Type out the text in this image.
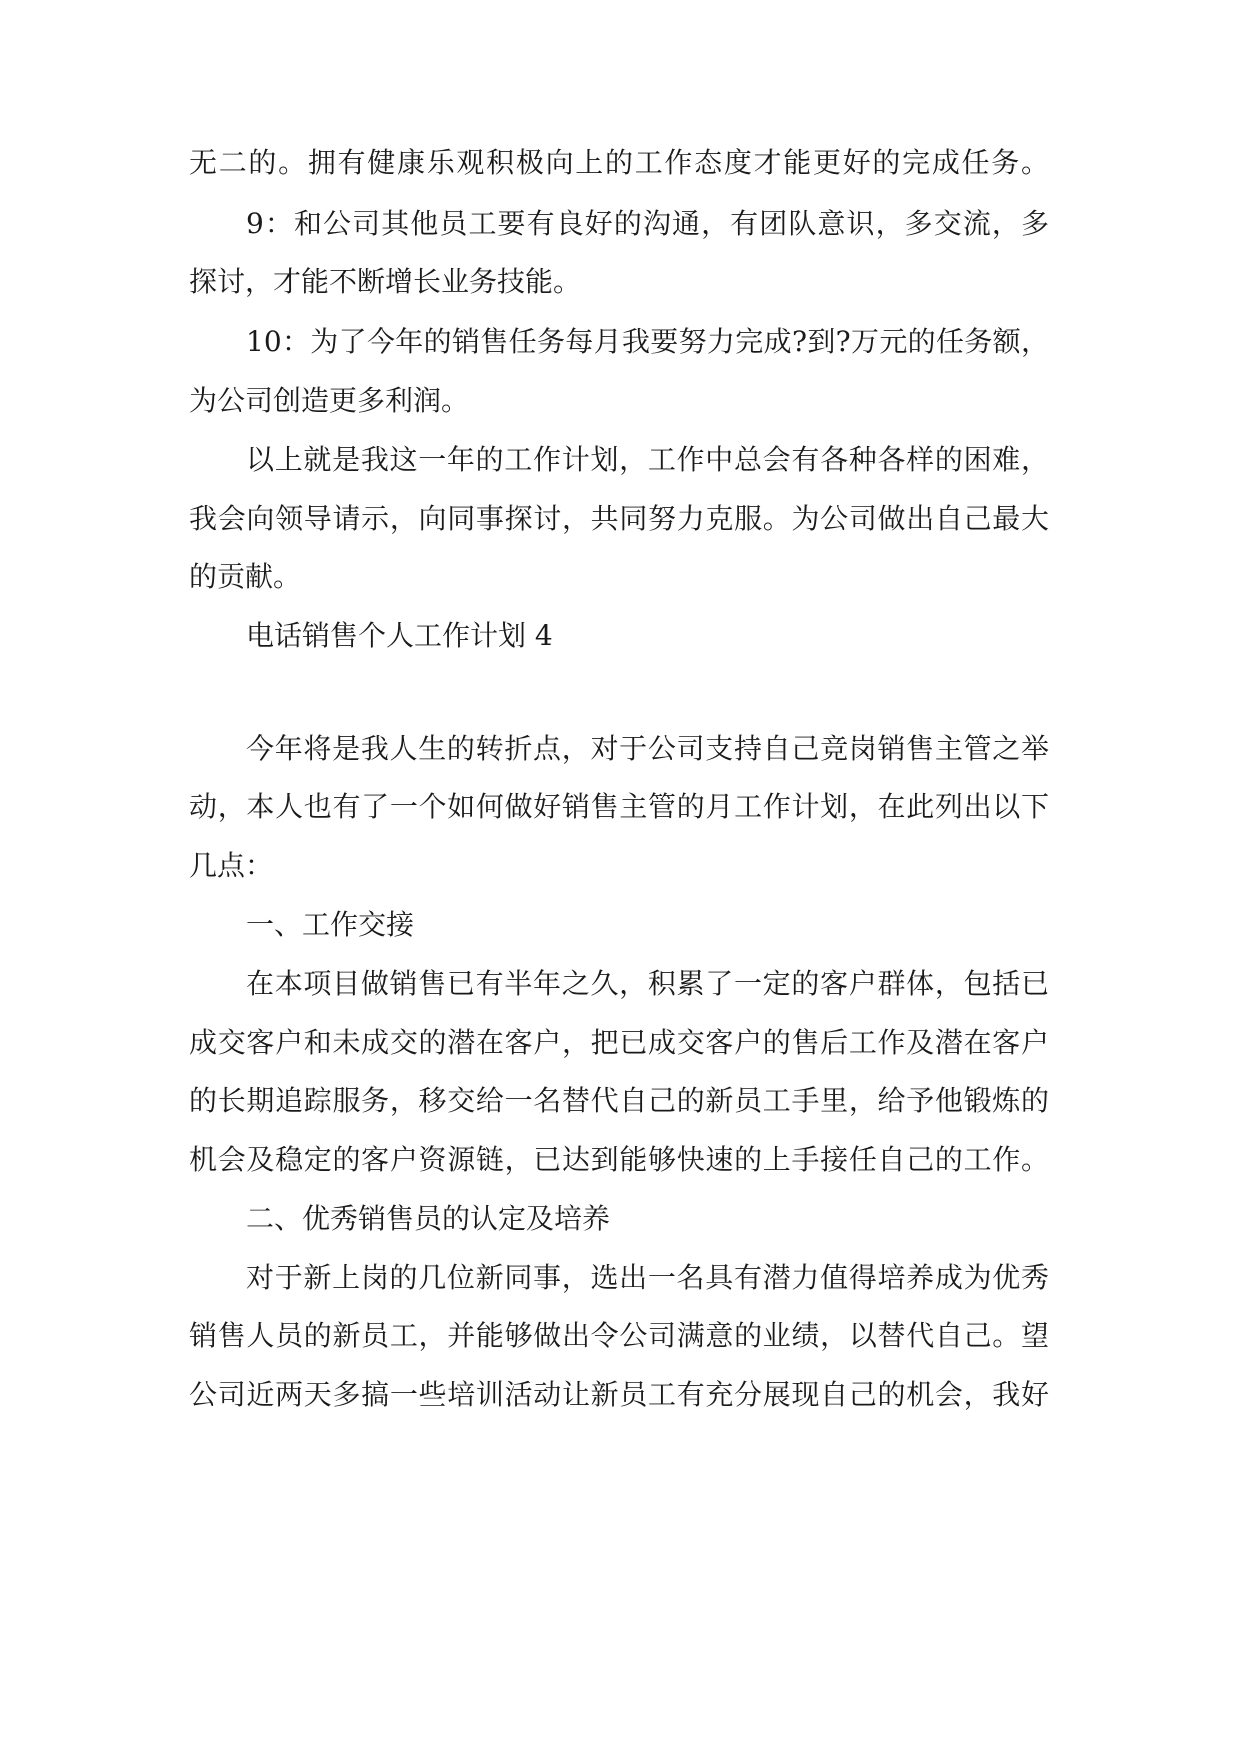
无二的。拥有健康乐观积极向上的工作态度才能更好的完成任务。
9：和公司其他员工要有良好的沟通，有团队意识，多交流，多
探讨，才能不断增长业务技能。
10：为了今年的销售任务每月我要努力完成?到?万元的任务额，
为公司创造更多利润。
以上就是我这一年的工作计划，工作中总会有各种各样的困难，
我会向领导请示，向同事探讨，共同努力克服。为公司做出自己最大
的贡献。
电话销售个人工作计划 4
今年将是我人生的转折点，对于公司支持自己竞岗销售主管之举
动，本人也有了一个如何做好销售主管的月工作计划，在此列出以下
几点：
一、工作交接
在本项目做销售已有半年之久，积累了一定的客户群体，包括已
成交客户和未成交的潜在客户，把已成交客户的售后工作及潜在客户
的长期追踪服务，移交给一名替代自己的新员工手里，给予他锻炼的
机会及稳定的客户资源链，已达到能够快速的上手接任自己的工作。
二、优秀销售员的认定及培养
对于新上岗的几位新同事，选出一名具有潜力值得培养成为优秀
销售人员的新员工，并能够做出令公司满意的业绩，以替代自己。望
公司近两天多搞一些培训活动让新员工有充分展现自己的机会，我好
